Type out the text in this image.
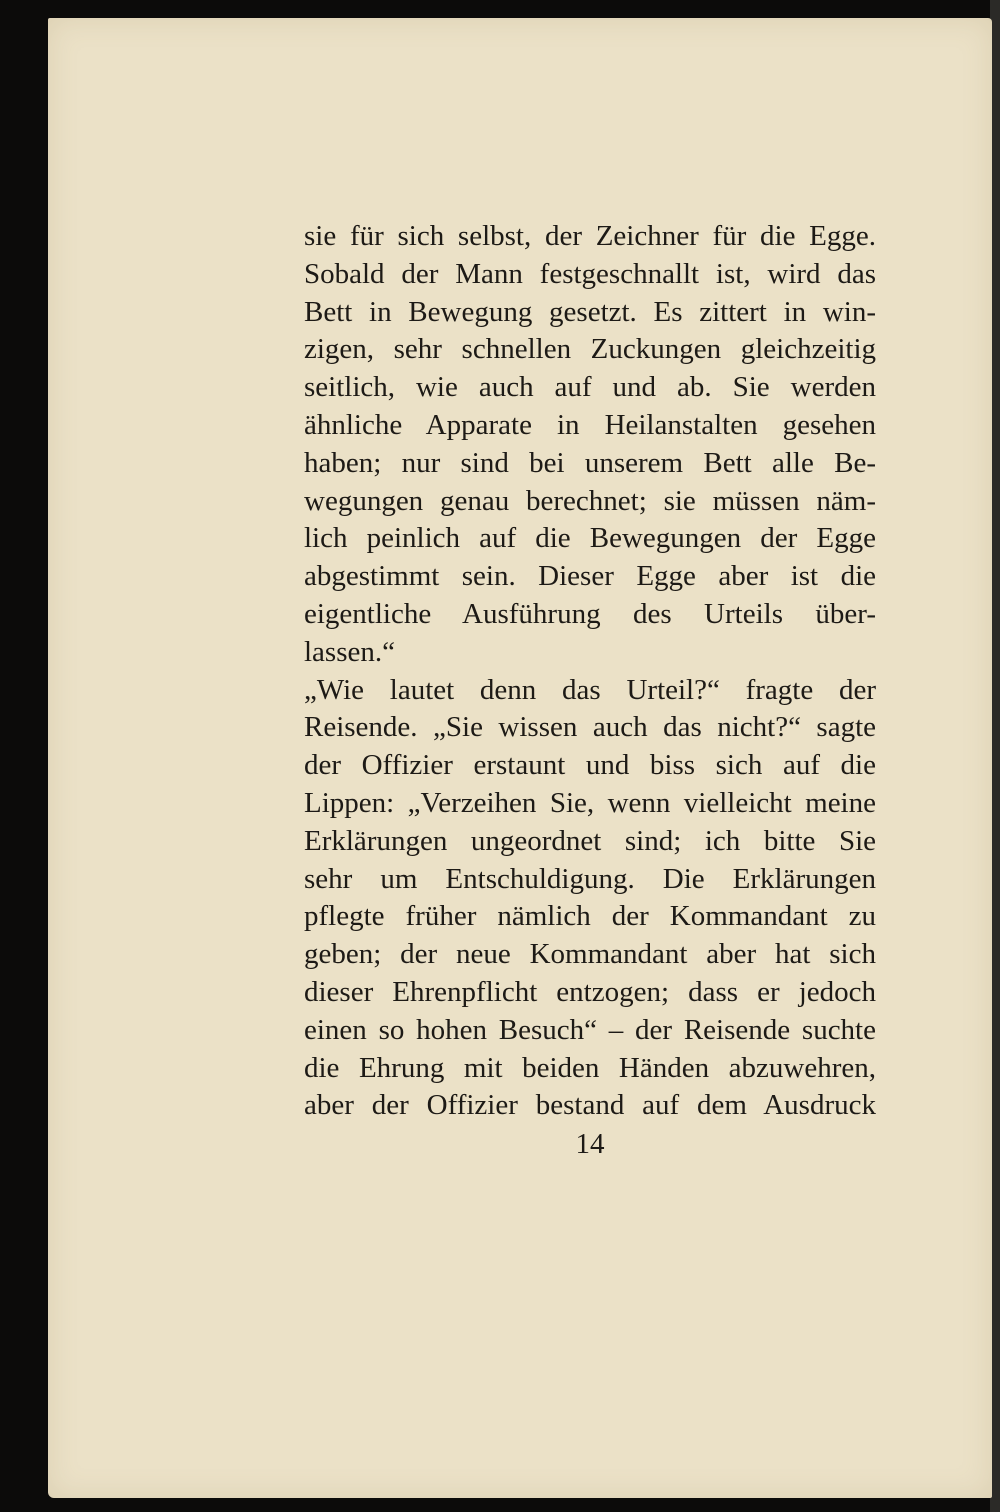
sie für sich selbst, der Zeichner für die Egge.
Sobald der Mann festgeschnallt ist, wird das
Bett in Bewegung gesetzt. Es zittert in win-
zigen, sehr schnellen Zuckungen gleichzeitig
seitlich, wie auch auf und ab. Sie werden
ähnliche Apparate in Heilanstalten gesehen
haben; nur sind bei unserem Bett alle Be-
wegungen genau berechnet; sie müssen näm-
lich peinlich auf die Bewegungen der Egge
abgestimmt sein. Dieser Egge aber ist die
eigentliche Ausführung des Urteils über-
lassen.“
„Wie lautet denn das Urteil?“ fragte der
Reisende. „Sie wissen auch das nicht?“ sagte
der Offizier erstaunt und biss sich auf die
Lippen: „Verzeihen Sie, wenn vielleicht meine
Erklärungen ungeordnet sind; ich bitte Sie
sehr um Entschuldigung. Die Erklärungen
pflegte früher nämlich der Kommandant zu
geben; der neue Kommandant aber hat sich
dieser Ehrenpflicht entzogen; dass er jedoch
einen so hohen Besuch“ – der Reisende suchte
die Ehrung mit beiden Händen abzuwehren,
aber der Offizier bestand auf dem Ausdruck
14
